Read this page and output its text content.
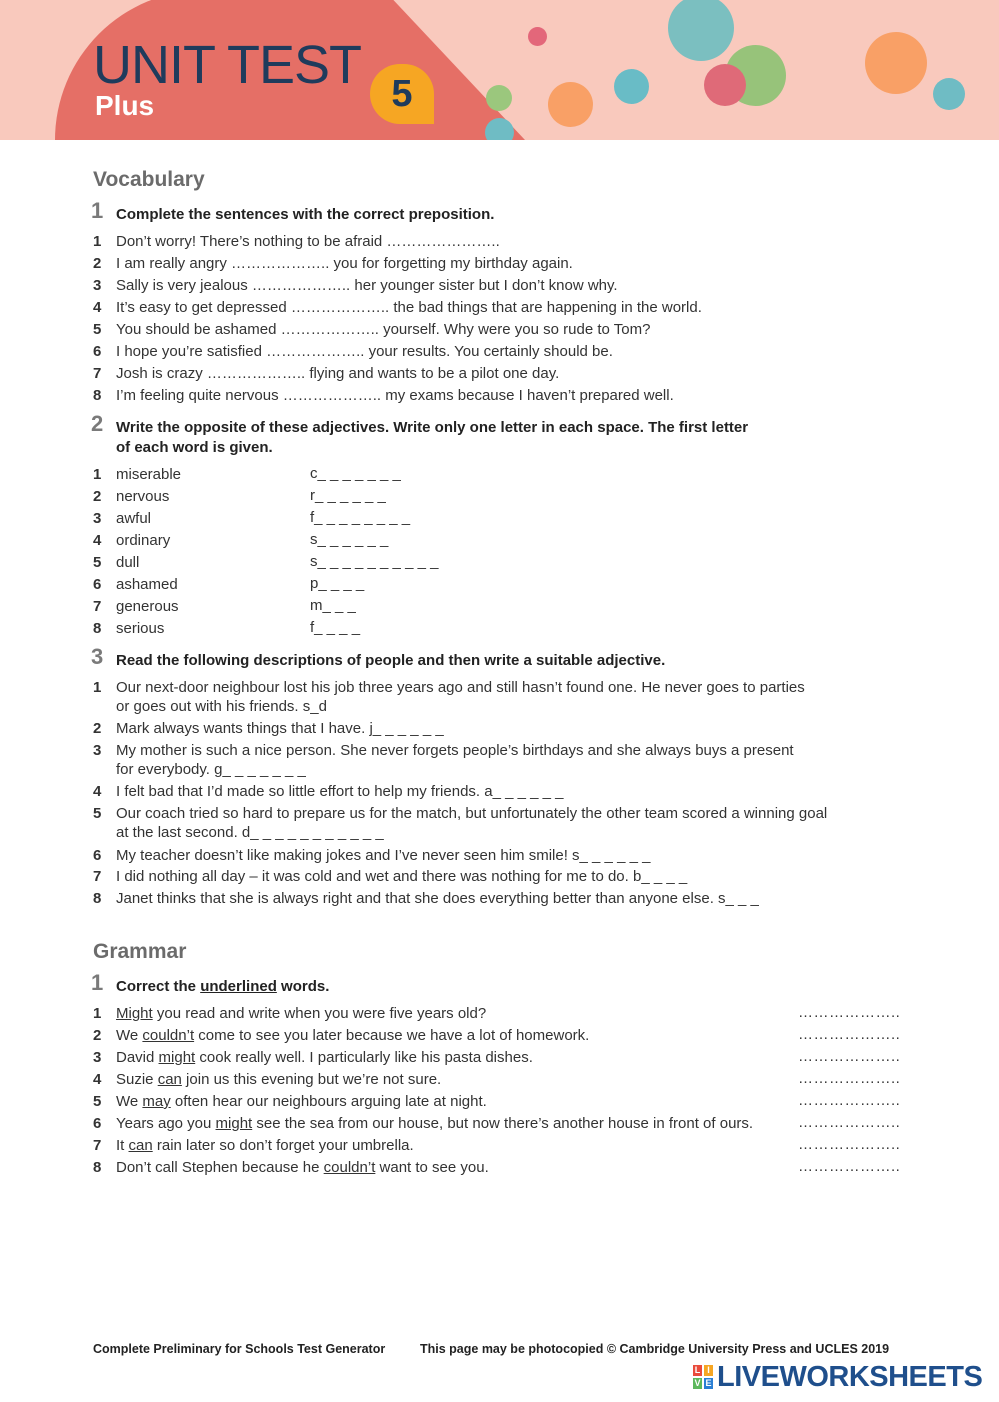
UNIT TEST
Plus	5
Vocabulary
1 Complete the sentences with the correct preposition.
1 Don’t worry! There’s nothing to be afraid …………………..
2 I am really angry ……………….. you for forgetting my birthday again.
3 Sally is very jealous ……………….. her younger sister but I don’t know why.
4 It’s easy to get depressed ……………….. the bad things that are happening in the world.
5 You should be ashamed ……………….. yourself. Why were you so rude to Tom?
6 I hope you’re satisfied ……………….. your results. You certainly should be.
7 Josh is crazy ……………….. flying and wants to be a pilot one day.
8 I’m feeling quite nervous ……………….. my exams because I haven’t prepared well.
2 Write the opposite of these adjectives. Write only one letter in each space. The first letter
of each word is given.
1 miserable	c_ _ _ _ _ _ _
2 nervous	r_ _ _ _ _ _
3 awful	f_ _ _ _ _ _ _ _
4 ordinary	s_ _ _ _ _ _
5 dull	s_ _ _ _ _ _ _ _ _ _
6 ashamed	p_ _ _ _
7 generous	m_ _ _
8 serious	f_ _ _ _
3 Read the following descriptions of people and then write a suitable adjective.
1 Our next-door neighbour lost his job three years ago and still hasn’t found one. He never goes to parties
or goes out with his friends. s_d
2 Mark always wants things that I have. j_ _ _ _ _ _
3 My mother is such a nice person. She never forgets people’s birthdays and she always buys a present
for everybody. g_ _ _ _ _ _ _
4 I felt bad that I’d made so little effort to help my friends. a_ _ _ _ _ _
5 Our coach tried so hard to prepare us for the match, but unfortunately the other team scored a winning goal
at the last second. d_ _ _ _ _ _ _ _ _ _ _
6 My teacher doesn’t like making jokes and I’ve never seen him smile! s_ _ _ _ _ _
7 I did nothing all day – it was cold and wet and there was nothing for me to do. b_ _ _ _
8 Janet thinks that she is always right and that she does everything better than anyone else. s_ _ _
Grammar
1 Correct the underlined words.
1 Might you read and write when you were five years old?	………………..
2 We couldn’t come to see you later because we have a lot of homework.	………………..
3 David might cook really well. I particularly like his pasta dishes.	………………..
4 Suzie can join us this evening but we’re not sure.	………………..
5 We may often hear our neighbours arguing late at night.	………………..
6 Years ago you might see the sea from our house, but now there’s another house in front of ours.	………………..
7 It can rain later so don’t forget your umbrella.	………………..
8 Don’t call Stephen because he couldn’t want to see you.	………………..
Complete Preliminary for Schools Test Generator	This page may be photocopied © Cambridge University Press and UCLES 2019
L I
V E LIVEWORKSHEETS
